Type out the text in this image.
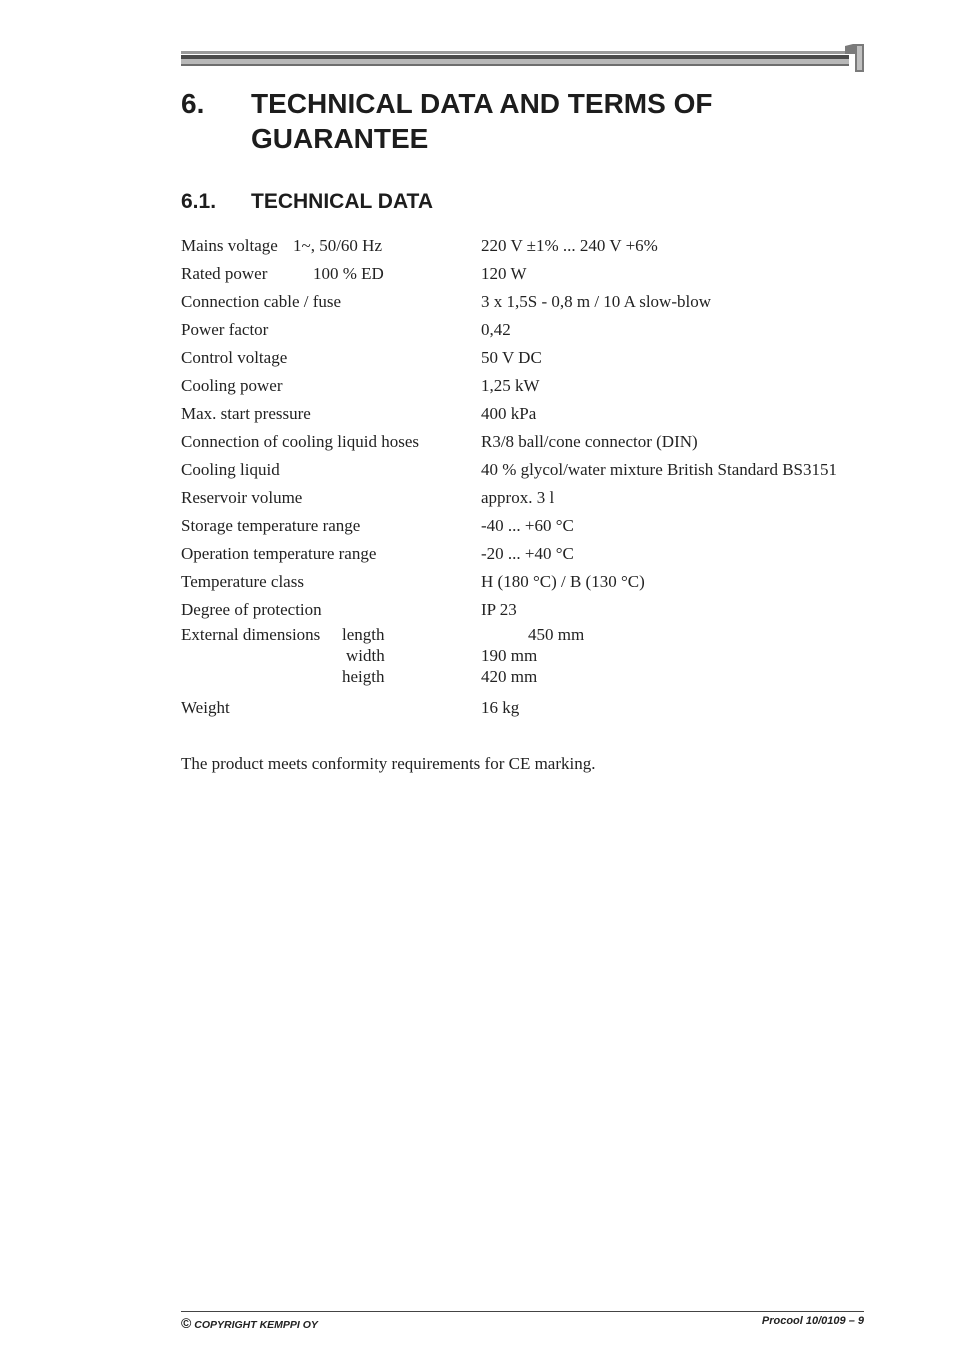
6. TECHNICAL DATA AND TERMS OF GUARANTEE
6.1. TECHNICAL DATA
Mains voltage 1~, 50/60 Hz	220 V ±1% ... 240 V +6%
Rated power	100 % ED	120 W
Connection cable / fuse	3 x 1,5S - 0,8 m / 10 A slow-blow
Power factor	0,42
Control voltage	50 V DC
Cooling power	1,25 kW
Max. start pressure	400 kPa
Connection of cooling liquid hoses	R3/8 ball/cone connector (DIN)
Cooling liquid	40 % glycol/water mixture British Standard BS3151
Reservoir volume	approx. 3 l
Storage temperature range	-40 ... +60 °C
Operation temperature range	-20 ... +40 °C
Temperature class	H (180 °C) / B (130 °C)
Degree of protection	IP 23
External dimensions length	450 mm
width	190 mm
heigth	420 mm
Weight	16 kg
The product meets conformity requirements for CE marking.
© COPYRIGHT KEMPPI OY	Procool 10/0109 – 9
